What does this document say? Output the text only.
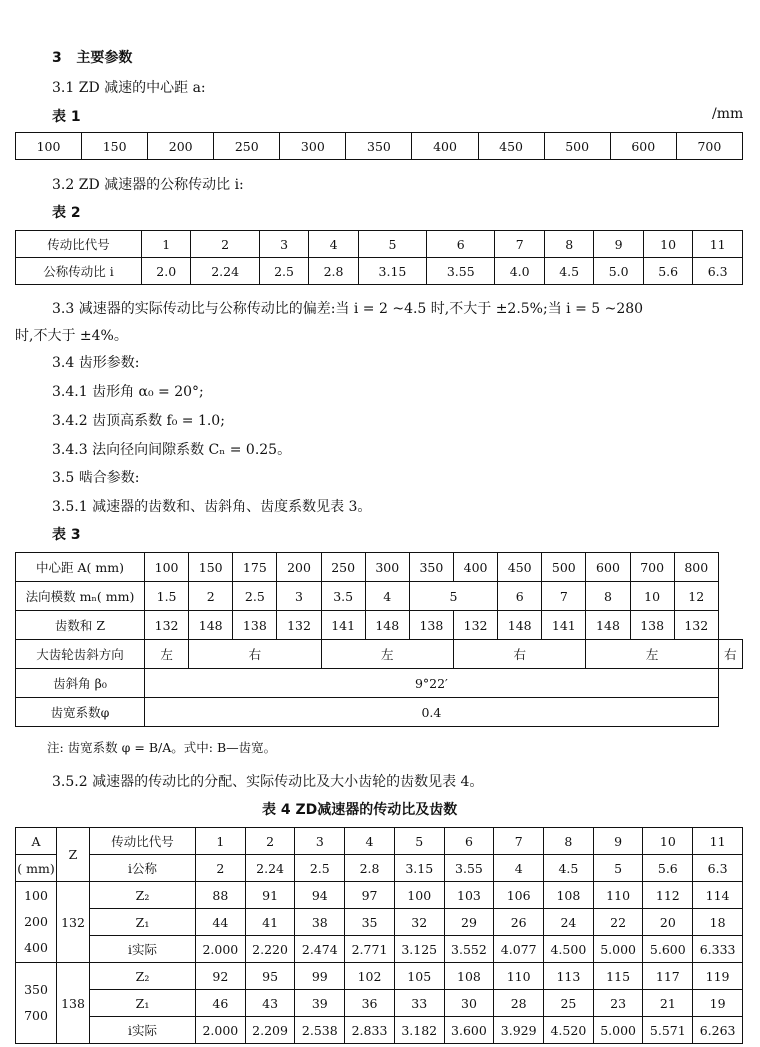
3 主要参数
3.1 ZD 减速的中心距 a:
表 1	/mm
100	150	200	250	300	350	400	450	500	600	700
3.2 ZD 减速器的公称传动比 i:
表 2
传动比代号	1	2	3	4	5	6	7	8	9	10	11
公称传动比 i	2.0	2.24	2.5	2.8	3.15	3.55	4.0	4.5	5.0	5.6	6.3
3.3 减速器的实际传动比与公称传动比的偏差:当 i = 2 ~4.5 时,不大于 ±2.5%;当 i = 5 ~280
时,不大于 ±4%。
3.4 齿形参数:
3.4.1 齿形角 α₀ = 20°;
3.4.2 齿顶高系数 f₀ = 1.0;
3.4.3 法向径向间隙系数 Cₙ = 0.25。
3.5 啮合参数:
3.5.1 减速器的齿数和、齿斜角、齿度系数见表 3。
表 3
中心距 A( mm)	100	150	175	200	250	300	350	400	450	500	600	700	800	
法向模数 mₙ( mm)	1.5	2	2.5	3	3.5	4	5		6	7	8	10	12	
齿数和 Z	132	148	138	132	141	148	138	132	148	141	148	138	132	
大齿轮齿斜方向	左	右			左			右			左			右
齿斜角 β₀	9°22′													
齿宽系数φ	0.4													
注: 齿宽系数 φ = B/A。式中: B—齿宽。
3.5.2 减速器的传动比的分配、实际传动比及大小齿轮的齿数见表 4。
表 4 ZD减速器的传动比及齿数
A	Z	传动比代号	1	2	3	4	5	6	7	8	9	10	11
( mm)		i公称	2	2.24	2.5	2.8	3.15	3.55	4	4.5	5	5.6	6.3
100
200
400	132	Z₂	88	91	94	97	100	103	106	108	110	112	114
		Z₁	44	41	38	35	32	29	26	24	22	20	18
		i实际	2.000	2.220	2.474	2.771	3.125	3.552	4.077	4.500	5.000	5.600	6.333
350
700	138	Z₂	92	95	99	102	105	108	110	113	115	117	119
		Z₁	46	43	39	36	33	30	28	25	23	21	19
		i实际	2.000	2.209	2.538	2.833	3.182	3.600	3.929	4.520	5.000	5.571	6.263
